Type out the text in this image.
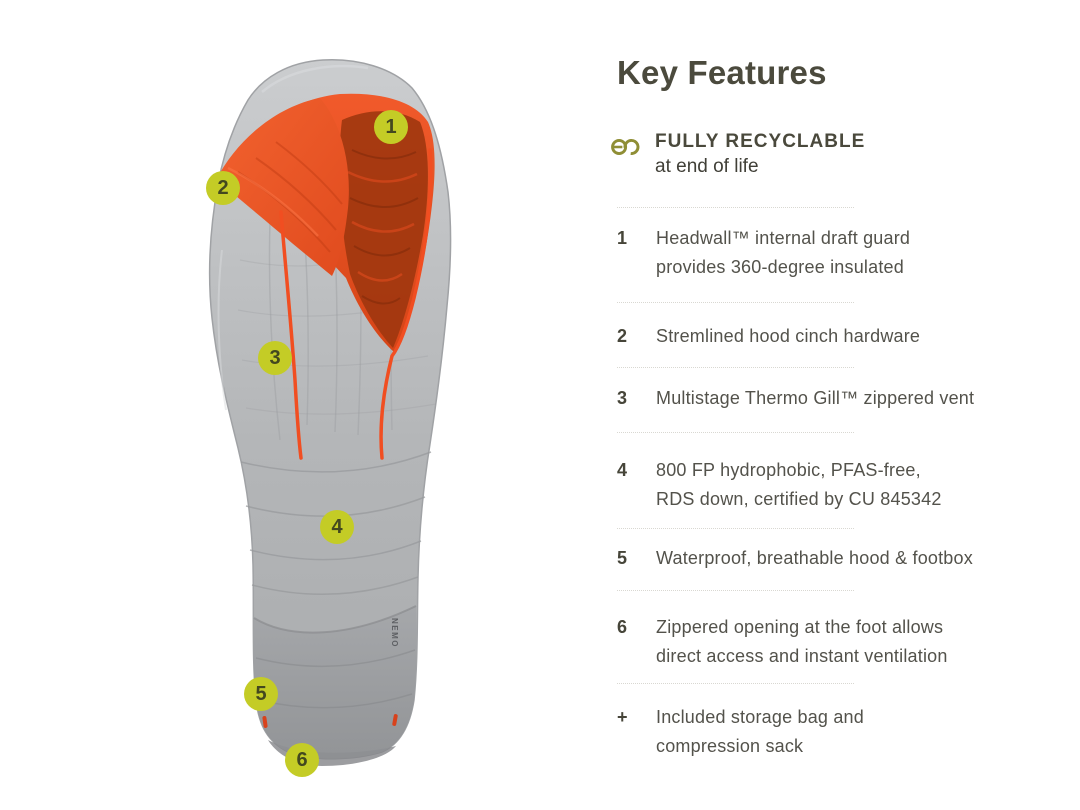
NEMO
1
2
3
4
5
6
Key Features
FULLY RECYCLABLE
at end of life
1	Headwall™ internal draft guard
provides 360-degree insulated
2	Stremlined hood cinch hardware
3	Multistage Thermo Gill™ zippered vent
4	800 FP hydrophobic, PFAS-free,
RDS down, certified by CU 845342
5	Waterproof, breathable hood & footbox
6	Zippered opening at the foot allows
direct access and instant ventilation
+	Included storage bag and
compression sack
